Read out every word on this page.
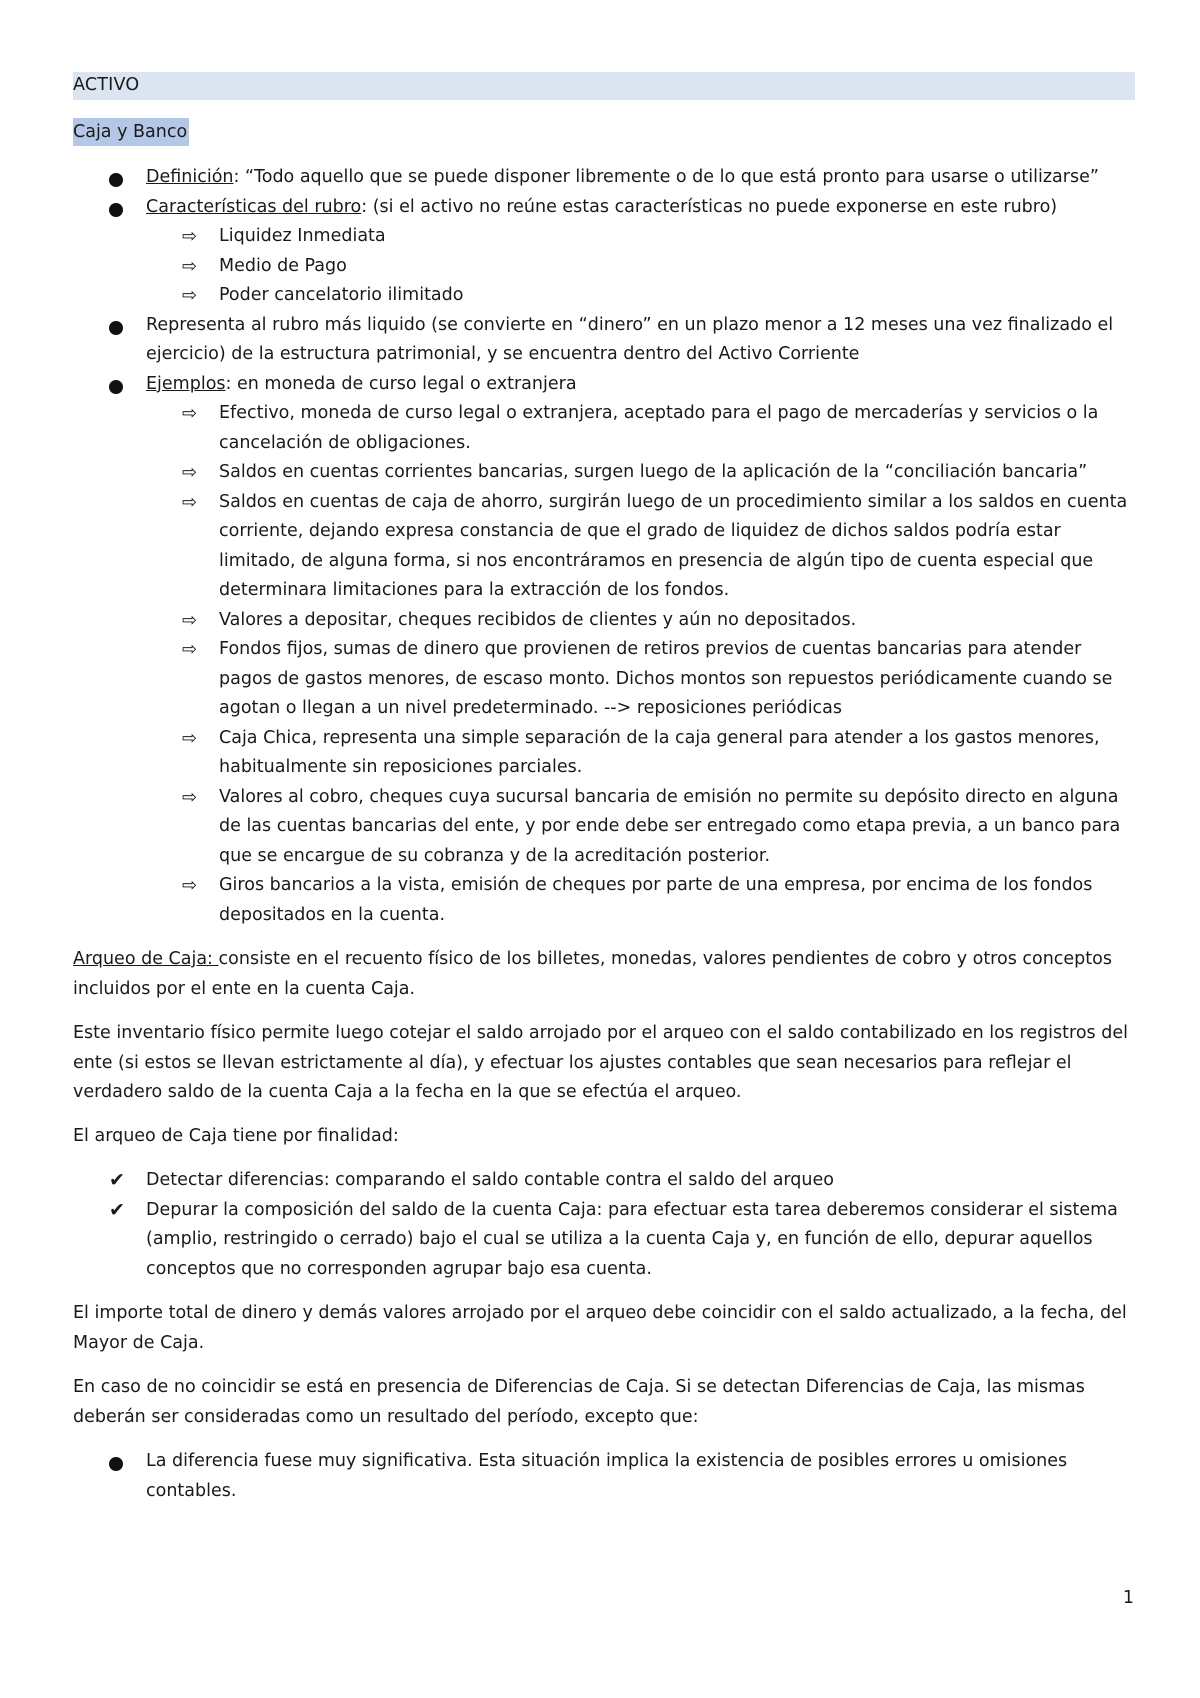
ACTIVO
Caja y Banco
Definición: “Todo aquello que se puede disponer libremente o de lo que está pronto para usarse o utilizarse”
Características del rubro: (si el activo no reúne estas características no puede exponerse en este rubro)
⇨ Liquidez Inmediata
⇨ Medio de Pago
⇨ Poder cancelatorio ilimitado
Representa al rubro más liquido (se convierte en “dinero” en un plazo menor a 12 meses una vez finalizado el ejercicio) de la estructura patrimonial, y se encuentra dentro del Activo Corriente
Ejemplos: en moneda de curso legal o extranjera
⇨ Efectivo, moneda de curso legal o extranjera, aceptado para el pago de mercaderías y servicios o la cancelación de obligaciones.
⇨ Saldos en cuentas corrientes bancarias, surgen luego de la aplicación de la “conciliación bancaria”
⇨ Saldos en cuentas de caja de ahorro, surgirán luego de un procedimiento similar a los saldos en cuenta corriente, dejando expresa constancia de que el grado de liquidez de dichos saldos podría estar limitado, de alguna forma, si nos encontráramos en presencia de algún tipo de cuenta especial que determinara limitaciones para la extracción de los fondos.
⇨ Valores a depositar, cheques recibidos de clientes y aún no depositados.
⇨ Fondos fijos, sumas de dinero que provienen de retiros previos de cuentas bancarias para atender pagos de gastos menores, de escaso monto. Dichos montos son repuestos periódicamente cuando se agotan o llegan a un nivel predeterminado. --> reposiciones periódicas
⇨ Caja Chica, representa una simple separación de la caja general para atender a los gastos menores, habitualmente sin reposiciones parciales.
⇨ Valores al cobro, cheques cuya sucursal bancaria de emisión no permite su depósito directo en alguna de las cuentas bancarias del ente, y por ende debe ser entregado como etapa previa, a un banco para que se encargue de su cobranza y de la acreditación posterior.
⇨ Giros bancarios a la vista, emisión de cheques por parte de una empresa, por encima de los fondos depositados en la cuenta.

Arqueo de Caja: consiste en el recuento físico de los billetes, monedas, valores pendientes de cobro y otros conceptos incluidos por el ente en la cuenta Caja.

Este inventario físico permite luego cotejar el saldo arrojado por el arqueo con el saldo contabilizado en los registros del ente (si estos se llevan estrictamente al día), y efectuar los ajustes contables que sean necesarios para reflejar el verdadero saldo de la cuenta Caja a la fecha en la que se efectúa el arqueo.

El arqueo de Caja tiene por finalidad:

✔ Detectar diferencias: comparando el saldo contable contra el saldo del arqueo
✔ Depurar la composición del saldo de la cuenta Caja: para efectuar esta tarea deberemos considerar el sistema (amplio, restringido o cerrado) bajo el cual se utiliza a la cuenta Caja y, en función de ello, depurar aquellos conceptos que no corresponden agrupar bajo esa cuenta.

El importe total de dinero y demás valores arrojado por el arqueo debe coincidir con el saldo actualizado, a la fecha, del Mayor de Caja.

En caso de no coincidir se está en presencia de Diferencias de Caja. Si se detectan Diferencias de Caja, las mismas deberán ser consideradas como un resultado del período, excepto que:

La diferencia fuese muy significativa. Esta situación implica la existencia de posibles errores u omisiones contables.
1
